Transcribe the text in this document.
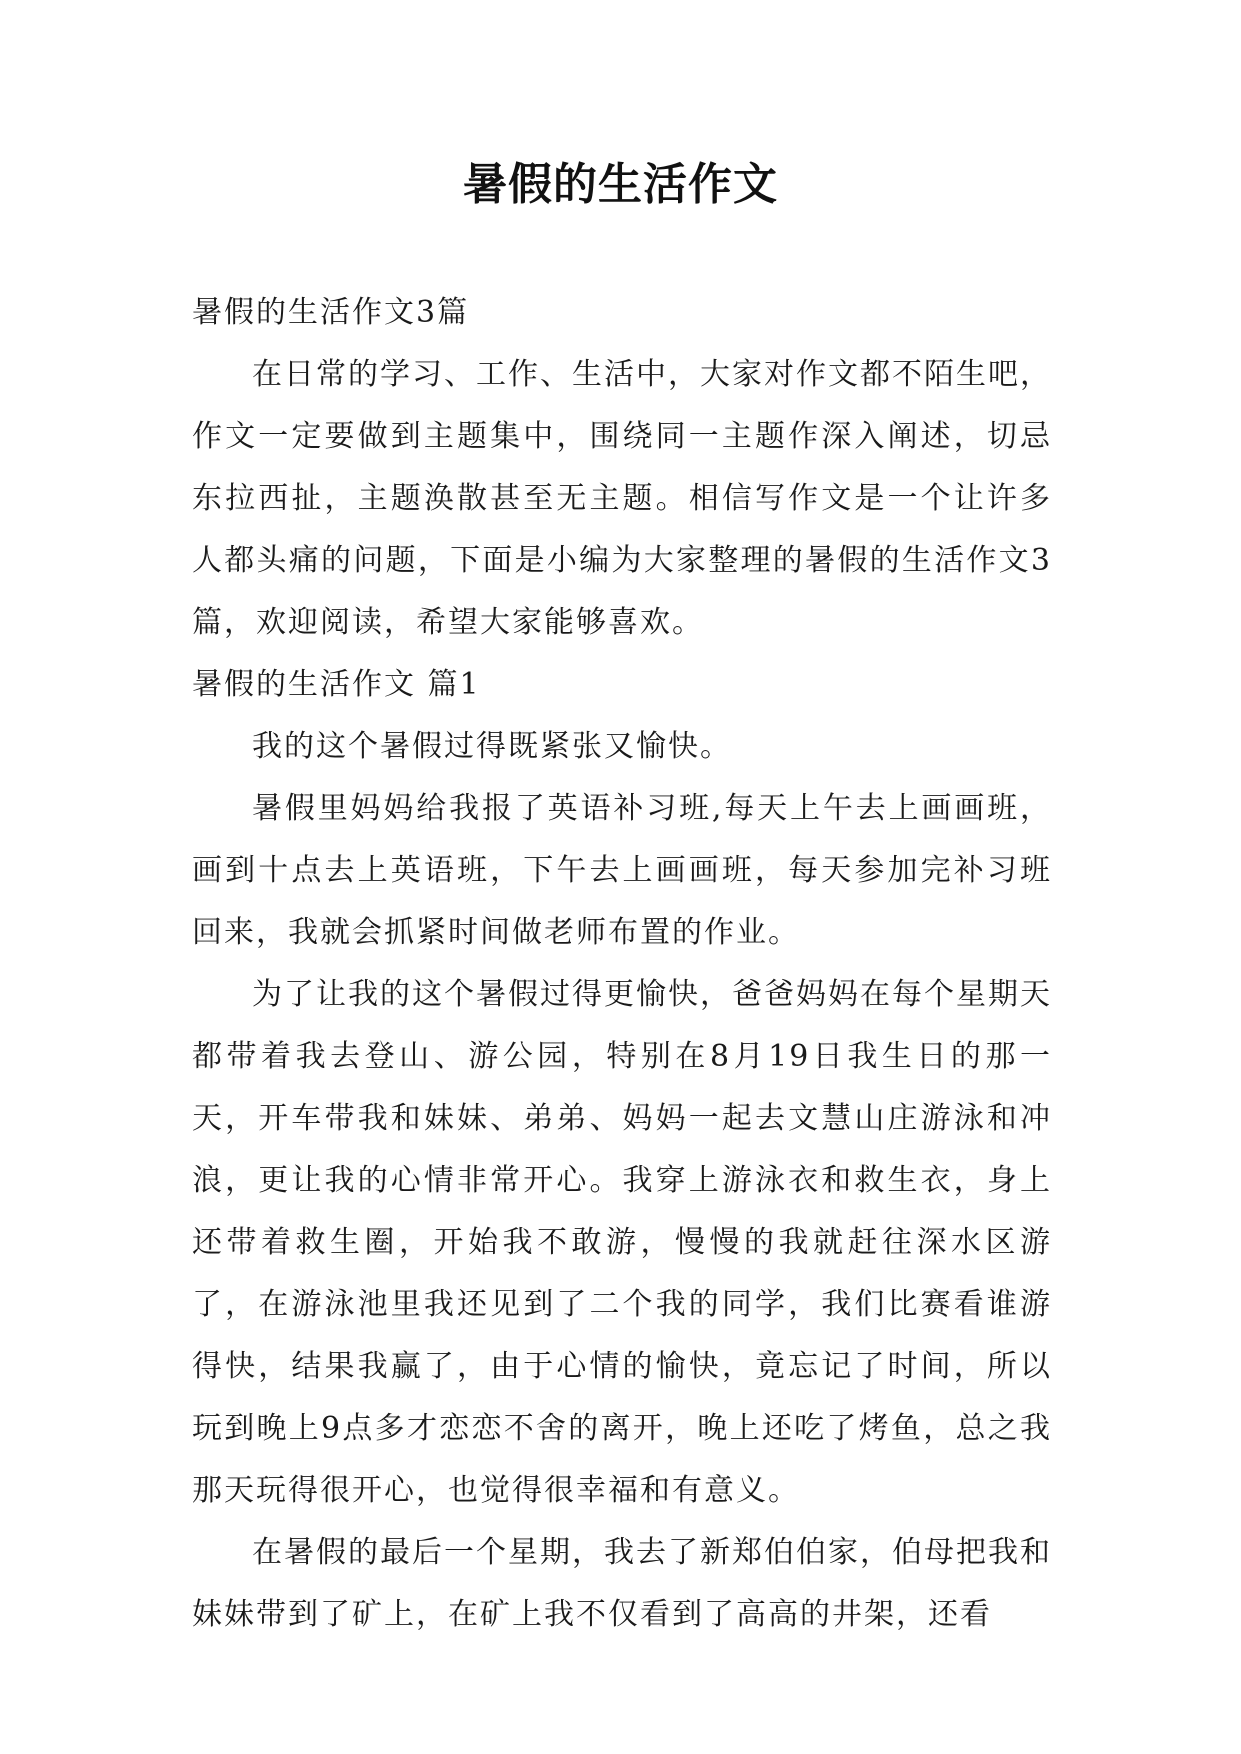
暑假的生活作文

暑假的生活作文3篇

在日常的学习、工作、生活中，大家对作文都不陌生吧，作文一定要做到主题集中，围绕同一主题作深入阐述，切忌东拉西扯，主题涣散甚至无主题。相信写作文是一个让许多人都头痛的问题，下面是小编为大家整理的暑假的生活作文3篇，欢迎阅读，希望大家能够喜欢。

暑假的生活作文 篇1

我的这个暑假过得既紧张又愉快。

暑假里妈妈给我报了英语补习班,每天上午去上画画班，画到十点去上英语班，下午去上画画班，每天参加完补习班回来，我就会抓紧时间做老师布置的作业。

为了让我的这个暑假过得更愉快，爸爸妈妈在每个星期天都带着我去登山、游公园，特别在8月19日我生日的那一天，开车带我和妹妹、弟弟、妈妈一起去文慧山庄游泳和冲浪，更让我的心情非常开心。我穿上游泳衣和救生衣，身上还带着救生圈，开始我不敢游，慢慢的我就赶往深水区游了，在游泳池里我还见到了二个我的同学，我们比赛看谁游得快，结果我赢了，由于心情的愉快，竟忘记了时间，所以玩到晚上9点多才恋恋不舍的离开，晚上还吃了烤鱼，总之我那天玩得很开心，也觉得很幸福和有意义。

在暑假的最后一个星期，我去了新郑伯伯家，伯母把我和妹妹带到了矿上，在矿上我不仅看到了高高的井架，还看
